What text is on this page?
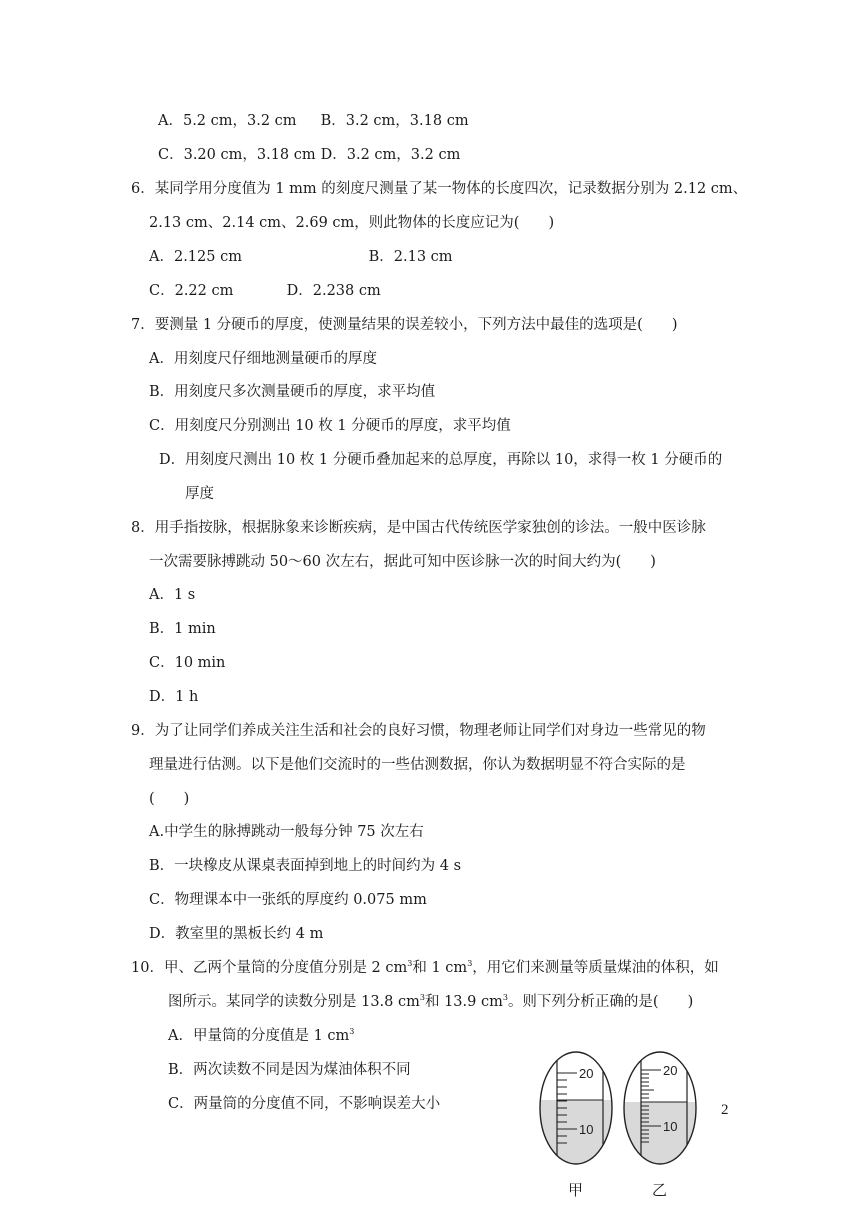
A．5.2 cm，3.2 cm B．3.2 cm，3.18 cm
C．3.20 cm，3.18 cm D．3.2 cm，3.2 cm
6．某同学用分度值为 1 mm 的刻度尺测量了某一物体的长度四次，记录数据分别为 2.12 cm、
2.13 cm、2.14 cm、2.69 cm，则此物体的长度应记为(　　)
A．2.125 cm	B．2.13 cm
C．2.22 cm	D．2.238 cm
7．要测量 1 分硬币的厚度，使测量结果的误差较小，下列方法中最佳的选项是(　　)
A．用刻度尺仔细地测量硬币的厚度
B．用刻度尺多次测量硬币的厚度，求平均值
C．用刻度尺分别测出 10 枚 1 分硬币的厚度，求平均值
D．用刻度尺测出 10 枚 1 分硬币叠加起来的总厚度，再除以 10，求得一枚 1 分硬币的
厚度
8．用手指按脉，根据脉象来诊断疾病，是中国古代传统医学家独创的诊法。一般中医诊脉
一次需要脉搏跳动 50～60 次左右，据此可知中医诊脉一次的时间大约为(　　)
A．1 s
B．1 min
C．10 min
D．1 h
9．为了让同学们养成关注生活和社会的良好习惯，物理老师让同学们对身边一些常见的物
理量进行估测。以下是他们交流时的一些估测数据，你认为数据明显不符合实际的是
(　　)
A.中学生的脉搏跳动一般每分钟 75 次左右
B．一块橡皮从课桌表面掉到地上的时间约为 4 s
C．物理课本中一张纸的厚度约 0.075 mm
D．教室里的黑板长约 4 m
10．甲、乙两个量筒的分度值分别是 2 $cm^3$和 1 $cm^3$，用它们来测量等质量煤油的体积，如
图所示。某同学的读数分别是 13.8 $cm^3$和 13.9 $cm^3$。则下列分析正确的是(　　)
A．甲量筒的分度值是 1 $cm^3$
B．两次读数不同是因为煤油体积不同
C．两量筒的分度值不同，不影响误差大小
20
10
20
10
甲	乙
2
